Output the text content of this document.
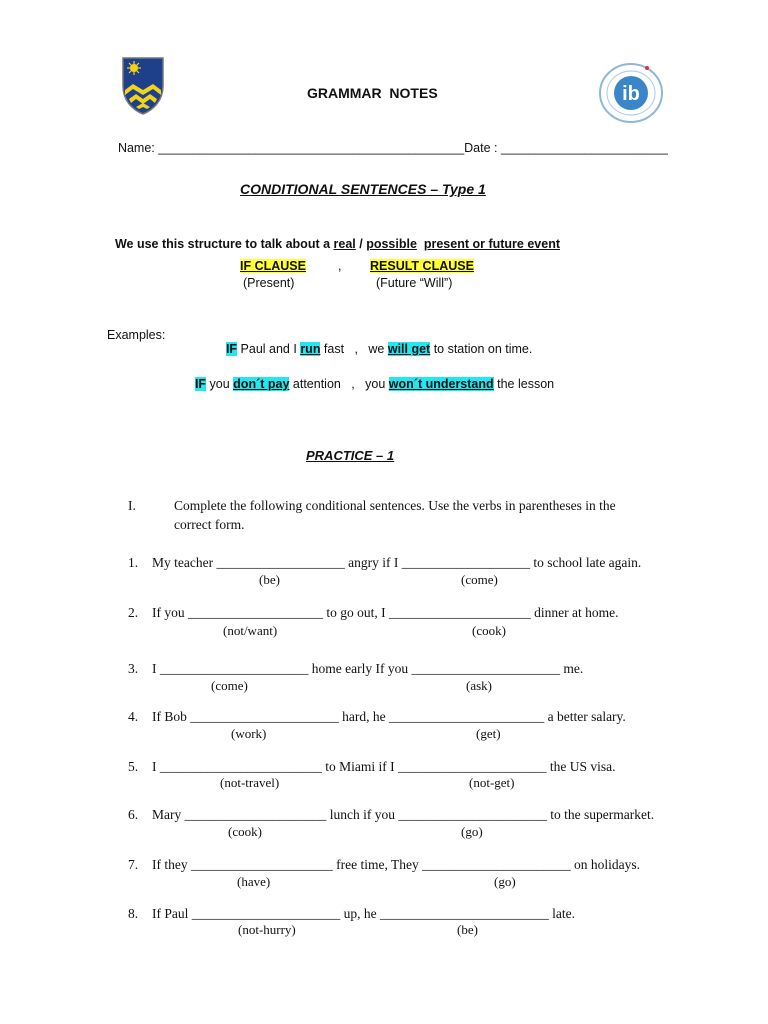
ib

GRAMMAR  NOTES

Name: ____________________________________________Date : ________________________

CONDITIONAL SENTENCES – Type 1

We use this structure to talk about a real / possible present or future event

IF CLAUSE	, RESULT CLAUSE
(Present)	(Future “Will”)
Examples:

IF Paul and I run fast   ,   we will get to station on time.

IF you don´t pay attention   ,   you won´t understand the lesson

PRACTICE – 1
I.	Complete the following conditional sentences. Use the verbs in parentheses in the
correct form.
1. My teacher ___________________ angry if I ___________________ to school late again.
(be)	(come)
2. If you ____________________ to go out, I _____________________ dinner at home.
(not/want)	(cook)
3. I ______________________ home early If you ______________________ me.
(come)	(ask)
4. If Bob ______________________ hard, he _______________________ a better salary.
(work)	(get)
5. I ________________________ to Miami if I ______________________ the US visa.
(not-travel)	(not-get)
6. Mary _____________________ lunch if you ______________________ to the supermarket.
(cook)	(go)
7. If they _____________________ free time, They ______________________ on holidays.
(have)	(go)
8. If Paul ______________________ up, he _________________________ late.
(not-hurry)	(be)
